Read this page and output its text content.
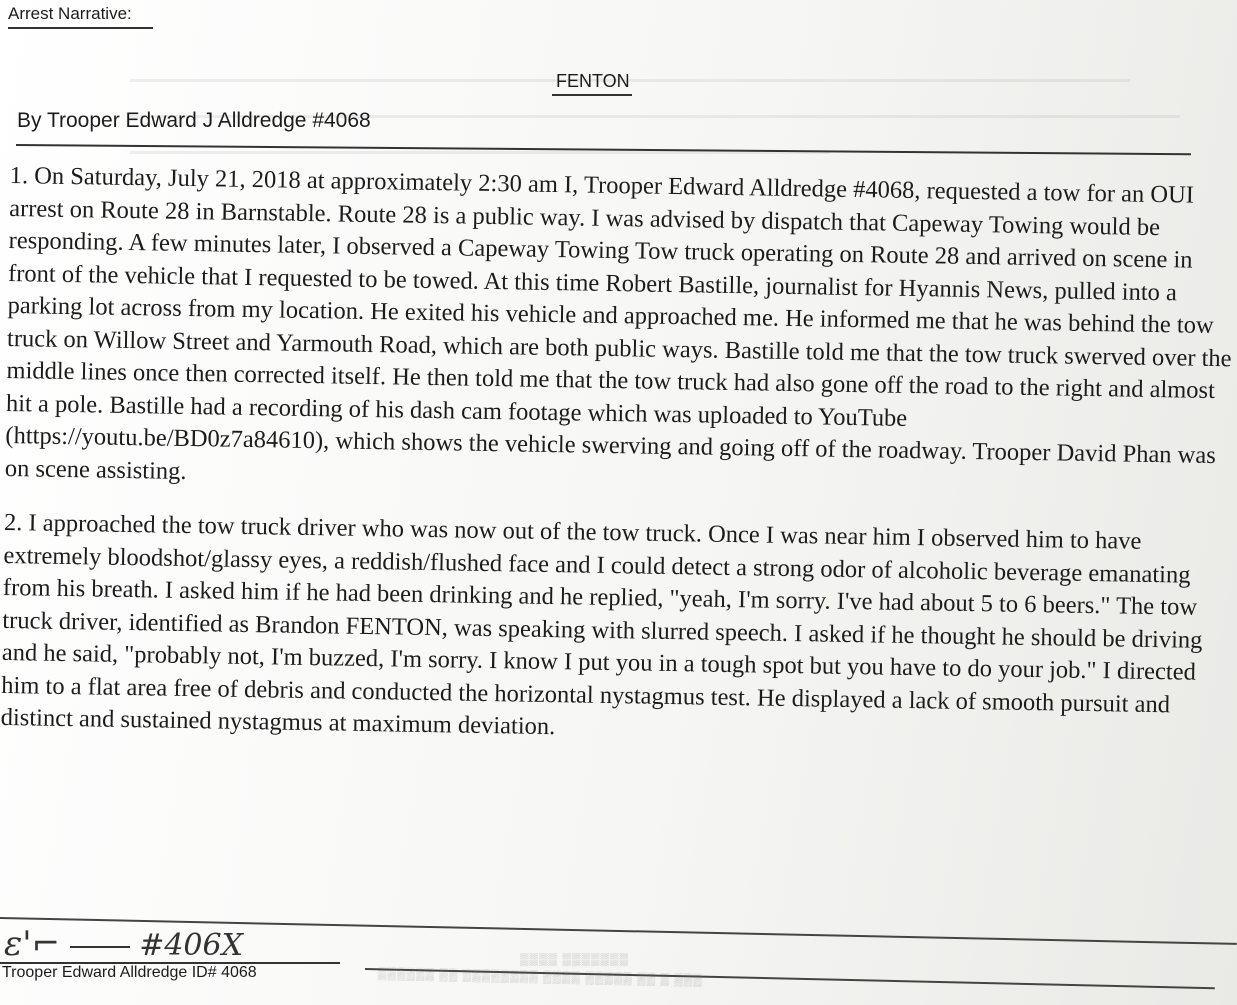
Arrest Narrative:
FENTON
By Trooper Edward J Alldredge #4068

1. On Saturday, July 21, 2018 at approximately 2:30 am I, Trooper Edward Alldredge #4068, requested a tow for an OUI arrest on Route 28 in Barnstable. Route 28 is a public way. I was advised by dispatch that Capeway Towing would be responding. A few minutes later, I observed a Capeway Towing Tow truck operating on Route 28 and arrived on scene in front of the vehicle that I requested to be towed. At this time Robert Bastille, journalist for Hyannis News, pulled into a parking lot across from my location. He exited his vehicle and approached me. He informed me that he was behind the tow truck on Willow Street and Yarmouth Road, which are both public ways. Bastille told me that the tow truck swerved over the middle lines once then corrected itself. He then told me that the tow truck had also gone off the road to the right and almost hit a pole. Bastille had a recording of his dash cam footage which was uploaded to YouTube (https://youtu.be/BD0z7a84610), which shows the vehicle swerving and going off of the roadway. Trooper David Phan was on scene assisting.

2. I approached the tow truck driver who was now out of the tow truck. Once I was near him I observed him to have extremely bloodshot/glassy eyes, a reddish/flushed face and I could detect a strong odor of alcoholic beverage emanating from his breath. I asked him if he had been drinking and he replied, "yeah, I'm sorry. I've had about 5 to 6 beers." The tow truck driver, identified as Brandon FENTON, was speaking with slurred speech. I asked if he thought he should be driving and he said, "probably not, I'm buzzed, I'm sorry. I know I put you in a tough spot but you have to do your job." I directed him to a flat area free of debris and conducted the horizontal nystagmus test. He displayed a lack of smooth pursuit and distinct and sustained nystagmus at maximum deviation.

ɛ'⌐	#406X
Trooper Edward Alldredge ID# 4068
▒▒▒▒ ▒▒▒▒▒▒▒
▒▒▒▒▒▒ ▒▒ ▒▒▒▒▒▒▒▒ ▒▒▒▒ ▒▒▒▒▒ ▒▒ ▒ ▒▒▒
